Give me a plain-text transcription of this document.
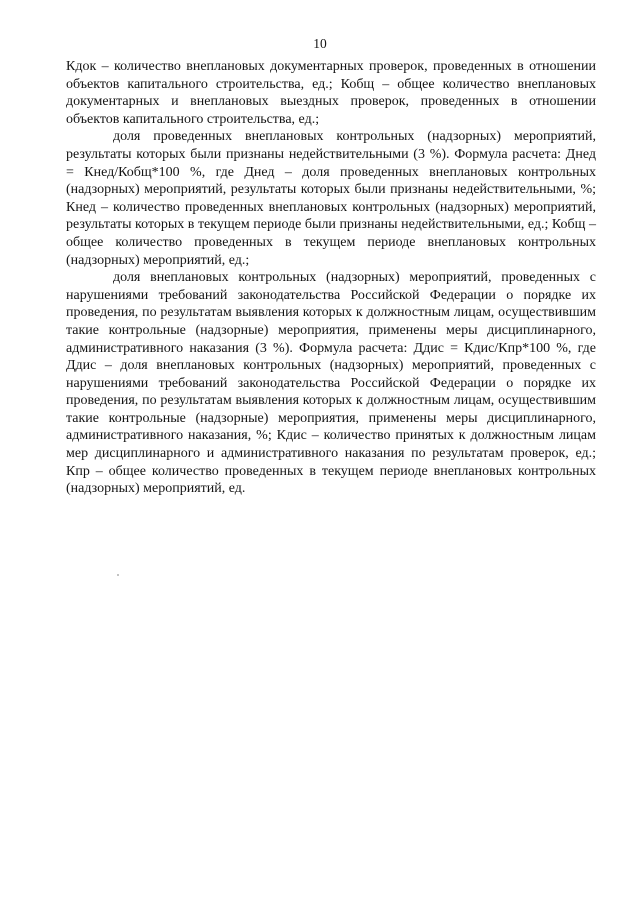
10

Кдок – количество внеплановых документарных проверок, проведенных в отношении объектов капитального строительства, ед.; Кобщ – общее количество внеплановых документарных и внеплановых выездных проверок, проведенных в отношении объектов капитального строительства, ед.;

доля проведенных внеплановых контрольных (надзорных) мероприятий, результаты которых были признаны недействительными (3 %). Формула расчета: Днед = Кнед/Кобщ*100 %, где Днед – доля проведенных внеплановых контрольных (надзорных) мероприятий, результаты которых были признаны недействительными, %; Кнед – количество проведенных внеплановых контрольных (надзорных) мероприятий, результаты которых в текущем периоде были признаны недействительными, ед.; Кобщ – общее количество проведенных в текущем периоде внеплановых контрольных (надзорных) мероприятий, ед.;

доля внеплановых контрольных (надзорных) мероприятий, проведенных с нарушениями требований законодательства Российской Федерации о порядке их проведения, по результатам выявления которых к должностным лицам, осуществившим такие контрольные (надзорные) мероприятия, применены меры дисциплинарного, административного наказания (3 %). Формула расчета: Ддис = Кдис/Кпр*100 %, где Ддис – доля внеплановых контрольных (надзорных) мероприятий, проведенных с нарушениями требований законодательства Российской Федерации о порядке их проведения, по результатам выявления которых к должностным лицам, осуществившим такие контрольные (надзорные) мероприятия, применены меры дисциплинарного, административного наказания, %; Кдис – количество принятых к должностным лицам мер дисциплинарного и административного наказания по результатам проверок, ед.; Кпр – общее количество проведенных в текущем периоде внеплановых контрольных (надзорных) мероприятий, ед.
